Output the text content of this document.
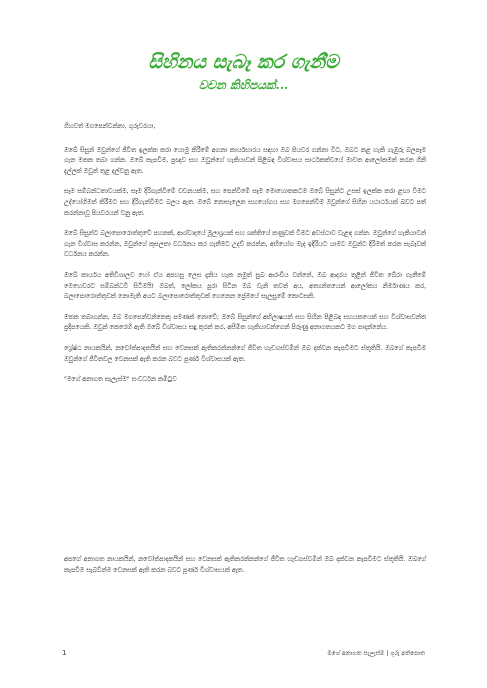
සිහිනය සැබෑ කර ගැනීම
වචන කිහිපයක්...

ගිහවත් මගපෙන්වන්නා, ගුරුවරයා,

ඔබේ සිසුන් ඔවුන්ගේ ජීවිත ඉලක්ක කරා යොමු කිරීමේ අගනා කාර්යභාරය සඳහා ඔබ පියවර ගන්නා විට, ඔබට කළ හැකි ගැඹුරු බලපෑම ගැන මතක තබා ගන්න. ඔබේ කැපවීම, ප්‍රඥාව සහ ඔවුන්ගේ හැකියාවන් පිළිබඳ විශ්වාසය සාර්ථකත්වයේ මාවත ආලෝකමත් කරන ගිනි දැල්ලක් ඔවුන් තුළ දල්වනු ඇත.

සෑම සම්බන්ධතාවයක්ම, සෑම දිරිගැන්වීමේ වචනයක්ම, සහ පෙන්වීමේ සෑම මොහොතකටම ඔබේ සිසුන්ට උසස් ඉලක්ක කරා ළඟා වීමට උද්යෝගිමත් කිරීමට සහ දිරිගැන්වීමට බලය ඇත. ඔබේ නොසැලෙන සහයෝගය සහ මගපෙන්වීම ඔවුන්ගේ සිහින යථාර්ථයක් බවට පත් කරන්නාවූ පියවරයන් වනු ඇත.

ඔබේ සිසුන්ට බලාපොරොත්තුවේ පහනක්, ආශ්වාදයේ මූලාශ්‍රයක් සහ ශක්තියේ කණුවක් වීමට අවස්ථාව වැළඳ ගන්න. ඔවුන්ගේ හැකියාවන් ගැන විශ්වාස කරන්න, ඔවුන්ගේ කුසලතා වර්ධනය කර ගැනීමට උදව් කරන්න, අභියෝග මැද ඉදිරියට යාමට ඔවුන්ට දිරිමත් කරන සැබෑවක් වර්ධනය කරන්න.

ඔබේ කාර්යය අතිවිශාලව හෝ ඒය අපහසු ලෙස දැනිය හැක නමුත් සුබ ආරංචිය වන්නේ, ඔබ ආදරය තුළින් ජීවිත බේරා ගැනීමේ මෙහෙවරට සම්බන්ධවී සිටීමයි! ඔබත්, ලෝකය පුරා සිටින ඔබ වැනි තවත් අය, අත්‍යන්තයෙන් ආලෝකය නිර්මාණය කර, බලාපොරොත්තුවක් නොමැති අයට බලාපොරොත්තුවක් ගෙනෙන ප්‍රේමයේ සැලසුමේ කොටසකි.

මතක තබාගන්න, ඔබ මගපෙන්වන්නෙකු පමණක් නොවේ; ඔබේ සිසුන්ගේ අභිලාෂයන් සහ සිහින පිළිබඳ සහයකයෙක් සහ විශ්වාසවන්ත ප්‍රදීපයෙකි. ඔවුන් කෙරෙහි ඇති ඔබේ විශ්වාසය සඳු තුරන් කර, අසීමිත හැකියාවන්ගෙන් පිරුණු අනාගතයකට මග පාදන්නේය.

ශ්‍රේෂ්ඨ නායකයින්, නවෝත්පාදකයින් සහ වෙනසක් ඇතිකරන්නන්ගේ ජීවිත හැඩගස්වමින් ඔබ දක්වන කැපවීමට ස්තූතියි. ඔබගේ කැපවීම ඔවුන්ගේ ජීවිතවල වෙනසක් ඇති කරන බවට පූර්ණ විශ්වාසයක් ඇත.

"මගේ අනාගත සැලැස්ම" සංවර්ධන කමිටුව

අපගේ අනාගත නායකයින්, නවෝත්පාදකයින් සහ වෙනසක් ඇතිකරන්නන්ගේ ජීවිත හැඩගස්වමින් ඔබ දක්වන කැපවීමට ස්තූතියි. ඔබගේ කැපවීම සැබවින්ම වෙනසක් ඇති කරන බවට පූර්ණ විශ්වාසයක් ඇත.

1	මගේ අනාගත සැලැස්ම | ගුරු අත්පොත
